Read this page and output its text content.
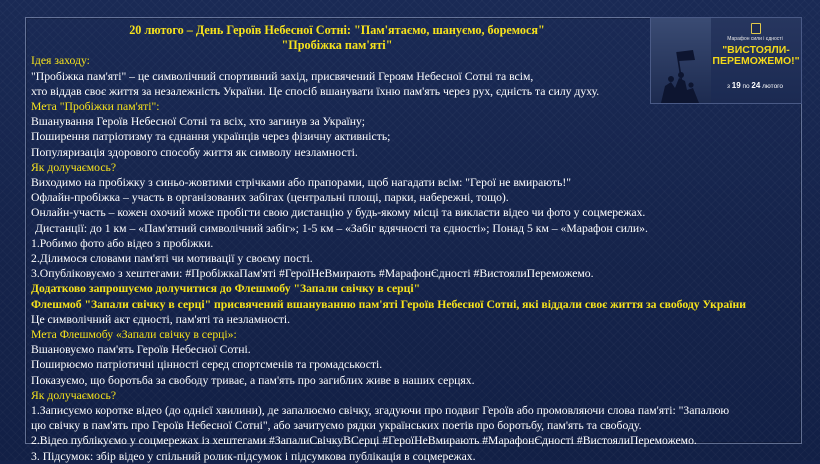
Марафон сили і єдності
"ВИСТОЯЛИ-
ПЕРЕМОЖЕМО!"
з 19 по 24 лютого
20 лютого – День Героїв Небесної Сотні: "Пам'ятаємо, шануємо, боремося"
"Пробіжка пам'яті"
Ідея заходу:
"Пробіжка пам'яті" – це символічний спортивний захід, присвячений Героям Небесної Сотні та всім,
хто віддав своє життя за незалежність України. Це спосіб вшанувати їхню пам'ять через рух, єдність та силу духу.
Мета "Пробіжки пам'яті":
Вшанування Героїв Небесної Сотні та всіх, хто загинув за Україну;
Поширення патріотизму та єднання українців через фізичну активність;
Популяризація здорового способу життя як символу незламності.
Як долучаємось?
Виходимо на пробіжку з синьо-жовтими стрічками або прапорами, щоб нагадати всім: "Герої не вмирають!"
Офлайн-пробіжка – участь в організованих забігах (центральні площі, парки, набережні, тощо).
Онлайн-участь – кожен охочий може пробігти свою дистанцію у будь-якому місці та викласти відео чи фото у соцмережах.
Дистанції: до 1 км – «Пам'ятний символічний забіг»; 1-5 км – «Забіг вдячності та єдності»; Понад 5 км – «Марафон сили».
1.Робимо фото або відео з пробіжки.
2.Ділимося словами пам'яті чи мотивації у своєму пості.
3.Опубліковуємо з хештегами: #ПробіжкаПам'яті #ГероїНеВмирають #МарафонЄдності #ВистоялиПереможемо.
Додатково запрошуємо долучитися до Флешмобу "Запали свічку в серці"
Флешмоб "Запали свічку в серці" присвячений вшануванню пам'яті Героїв Небесної Сотні, які віддали своє життя за свободу України
Це символічний акт єдності, пам'яті та незламності.
Мета Флешмобу «Запали свічку в серці»:
Вшановуємо пам'ять Героїв Небесної Сотні.
Поширюємо патріотичні цінності серед спортсменів та громадськості.
Показуємо, що боротьба за свободу триває, а пам'ять про загиблих живе в наших серцях.
Як долучаємось?
1.Записуємо коротке відео (до однієї хвилини), де запалюємо свічку, згадуючи про подвиг Героїв або промовляючи слова пам'яті: "Запалюю
цю свічку в пам'ять про Героїв Небесної Сотні", або зачитуємо рядки українських поетів про боротьбу, пам'ять та свободу.
2.Відео публікуємо у соцмережах із хештегами #ЗапалиСвічкуВСерці #ГероїНеВмирають #МарафонЄдності #ВистоялиПереможемо.
3. Підсумок: збір відео у спільний ролик-підсумок і підсумкова публікація в соцмережах.
